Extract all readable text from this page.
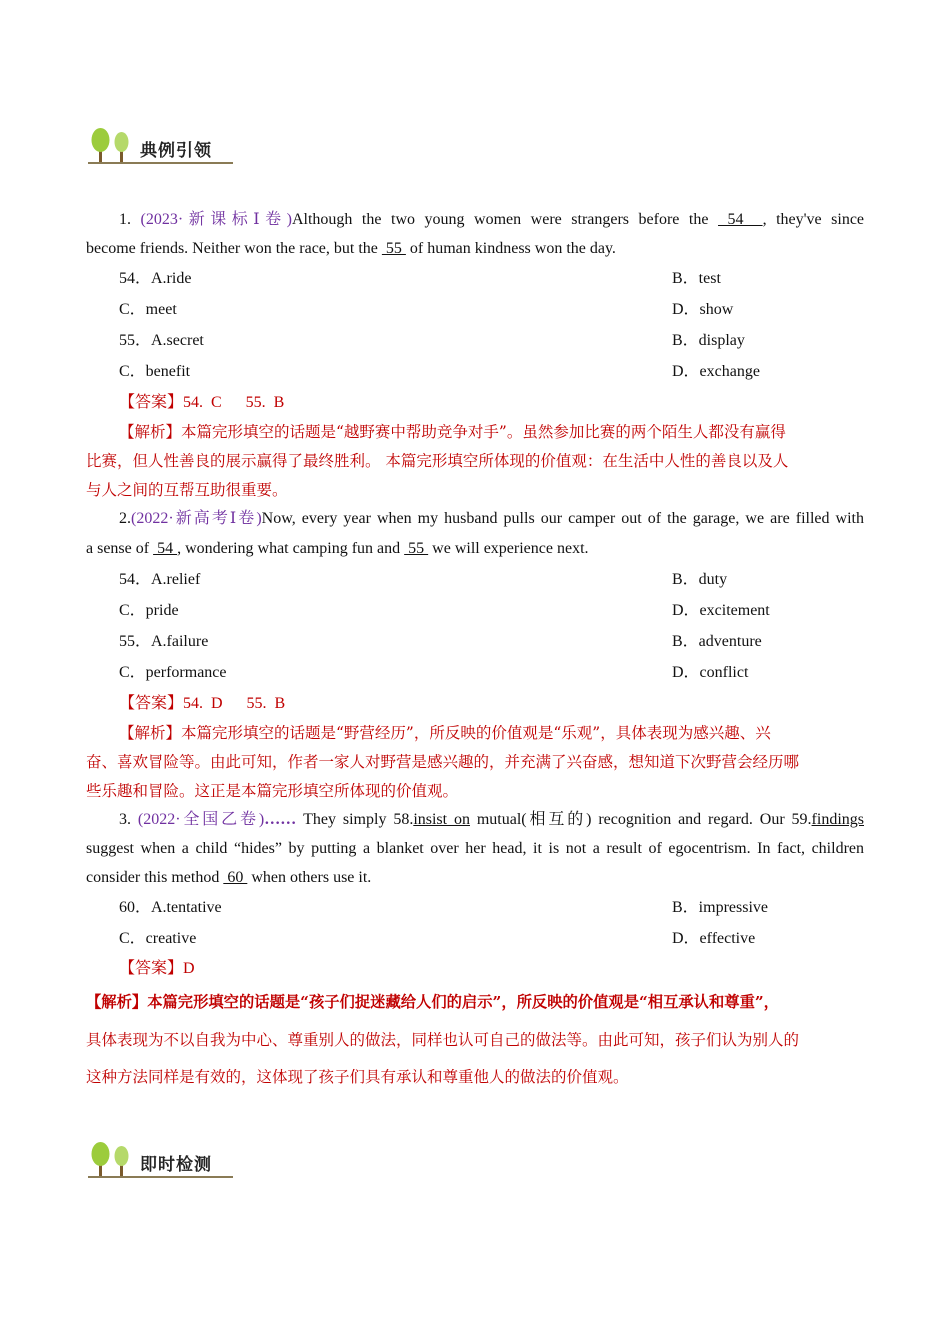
典例引领
1. (2023·新课标Ⅰ卷)Although the two young women were strangers before the  54  , they've since
become friends. Neither won the race, but the  55  of human kindness won the day.
54．A.ride	B．test
C．meet	D．show
55．A.secret	B．display
C．benefit	D．exchange
【答案】54.  C      55.  B
【解析】本篇完形填空的话题是“越野赛中帮助竞争对手”。虽然参加比赛的两个陌生人都没有赢得
比赛，但人性善良的展示赢得了最终胜利。 本篇完形填空所体现的价值观：在生活中人性的善良以及人
与人之间的互帮互助很重要。
2.(2022·新高考Ⅰ卷)Now, every year when my husband pulls our camper out of the garage, we are filled with
a sense of  54 , wondering what camping fun and  55  we will experience next.
54．A.relief	B．duty
C．pride	D．excitement
55．A.failure	B．adventure
C．performance	D．conflict
【答案】54.  D      55.  B
【解析】本篇完形填空的话题是“野营经历”，所反映的价值观是“乐观”，具体表现为感兴趣、兴
奋、喜欢冒险等。由此可知，作者一家人对野营是感兴趣的，并充满了兴奋感，想知道下次野营会经历哪
些乐趣和冒险。这正是本篇完形填空所体现的价值观。
3. (2022·全国乙卷)…… They simply 58.insist on mutual(相互的) recognition and regard. Our 59.findings
suggest when a child “hides” by putting a blanket over her head, it is not a result of egocentrism. In fact, children
consider this method  60  when others use it.
60．A.tentative	B．impressive
C．creative	D．effective
【答案】D
【解析】本篇完形填空的话题是“孩子们捉迷藏给人们的启示”，所反映的价值观是“相互承认和尊重”，
具体表现为不以自我为中心、尊重别人的做法，同样也认可自己的做法等。由此可知，孩子们认为别人的
这种方法同样是有效的，这体现了孩子们具有承认和尊重他人的做法的价值观。
即时检测
